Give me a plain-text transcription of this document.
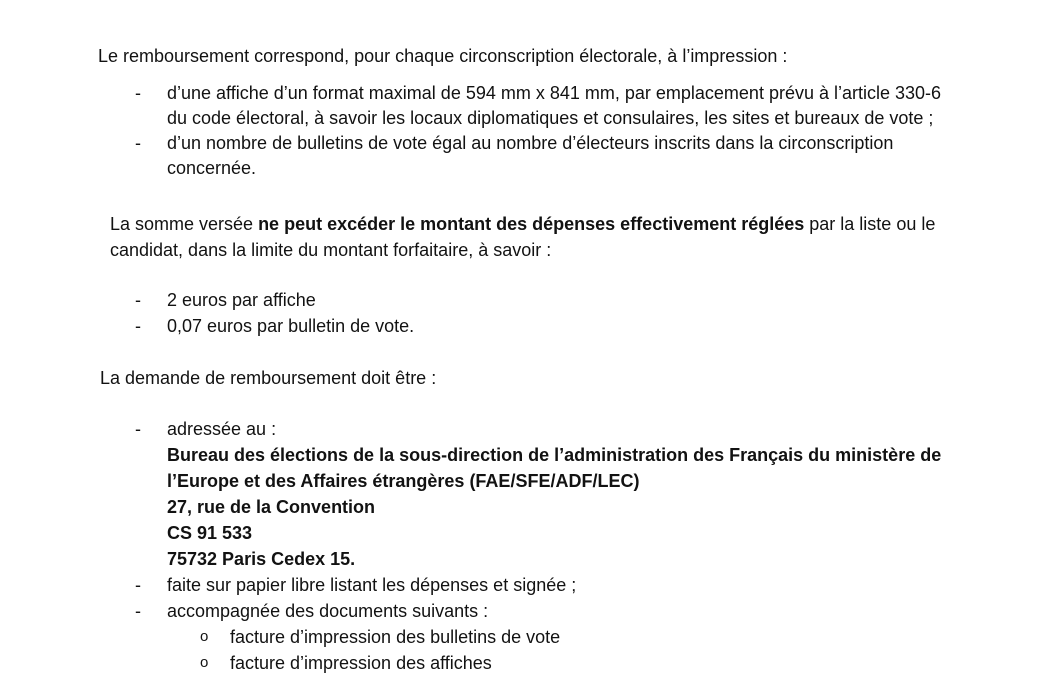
Le remboursement correspond, pour chaque circonscription électorale, à l’impression :
-	d’une affiche d’un format maximal de 594 mm x 841 mm, par emplacement prévu à l’article 330-6
du code électoral, à savoir les locaux diplomatiques et consulaires, les sites et bureaux de vote ;
-	d’un nombre de bulletins de vote égal au nombre d’électeurs inscrits dans la circonscription
concernée.
La somme versée ne peut excéder le montant des dépenses effectivement réglées par la liste ou le
candidat, dans la limite du montant forfaitaire, à savoir :
-	2 euros par affiche
-	0,07 euros par bulletin de vote.
La demande de remboursement doit être :
-	adressée au :
Bureau des élections de la sous-direction de l’administration des Français du ministère de
l’Europe et des Affaires étrangères (FAE/SFE/ADF/LEC)
27, rue de la Convention
CS 91 533
75732 Paris Cedex 15.
-	faite sur papier libre listant les dépenses et signée ;
-	accompagnée des documents suivants :
o	facture d’impression des bulletins de vote
o	facture d’impression des affiches
